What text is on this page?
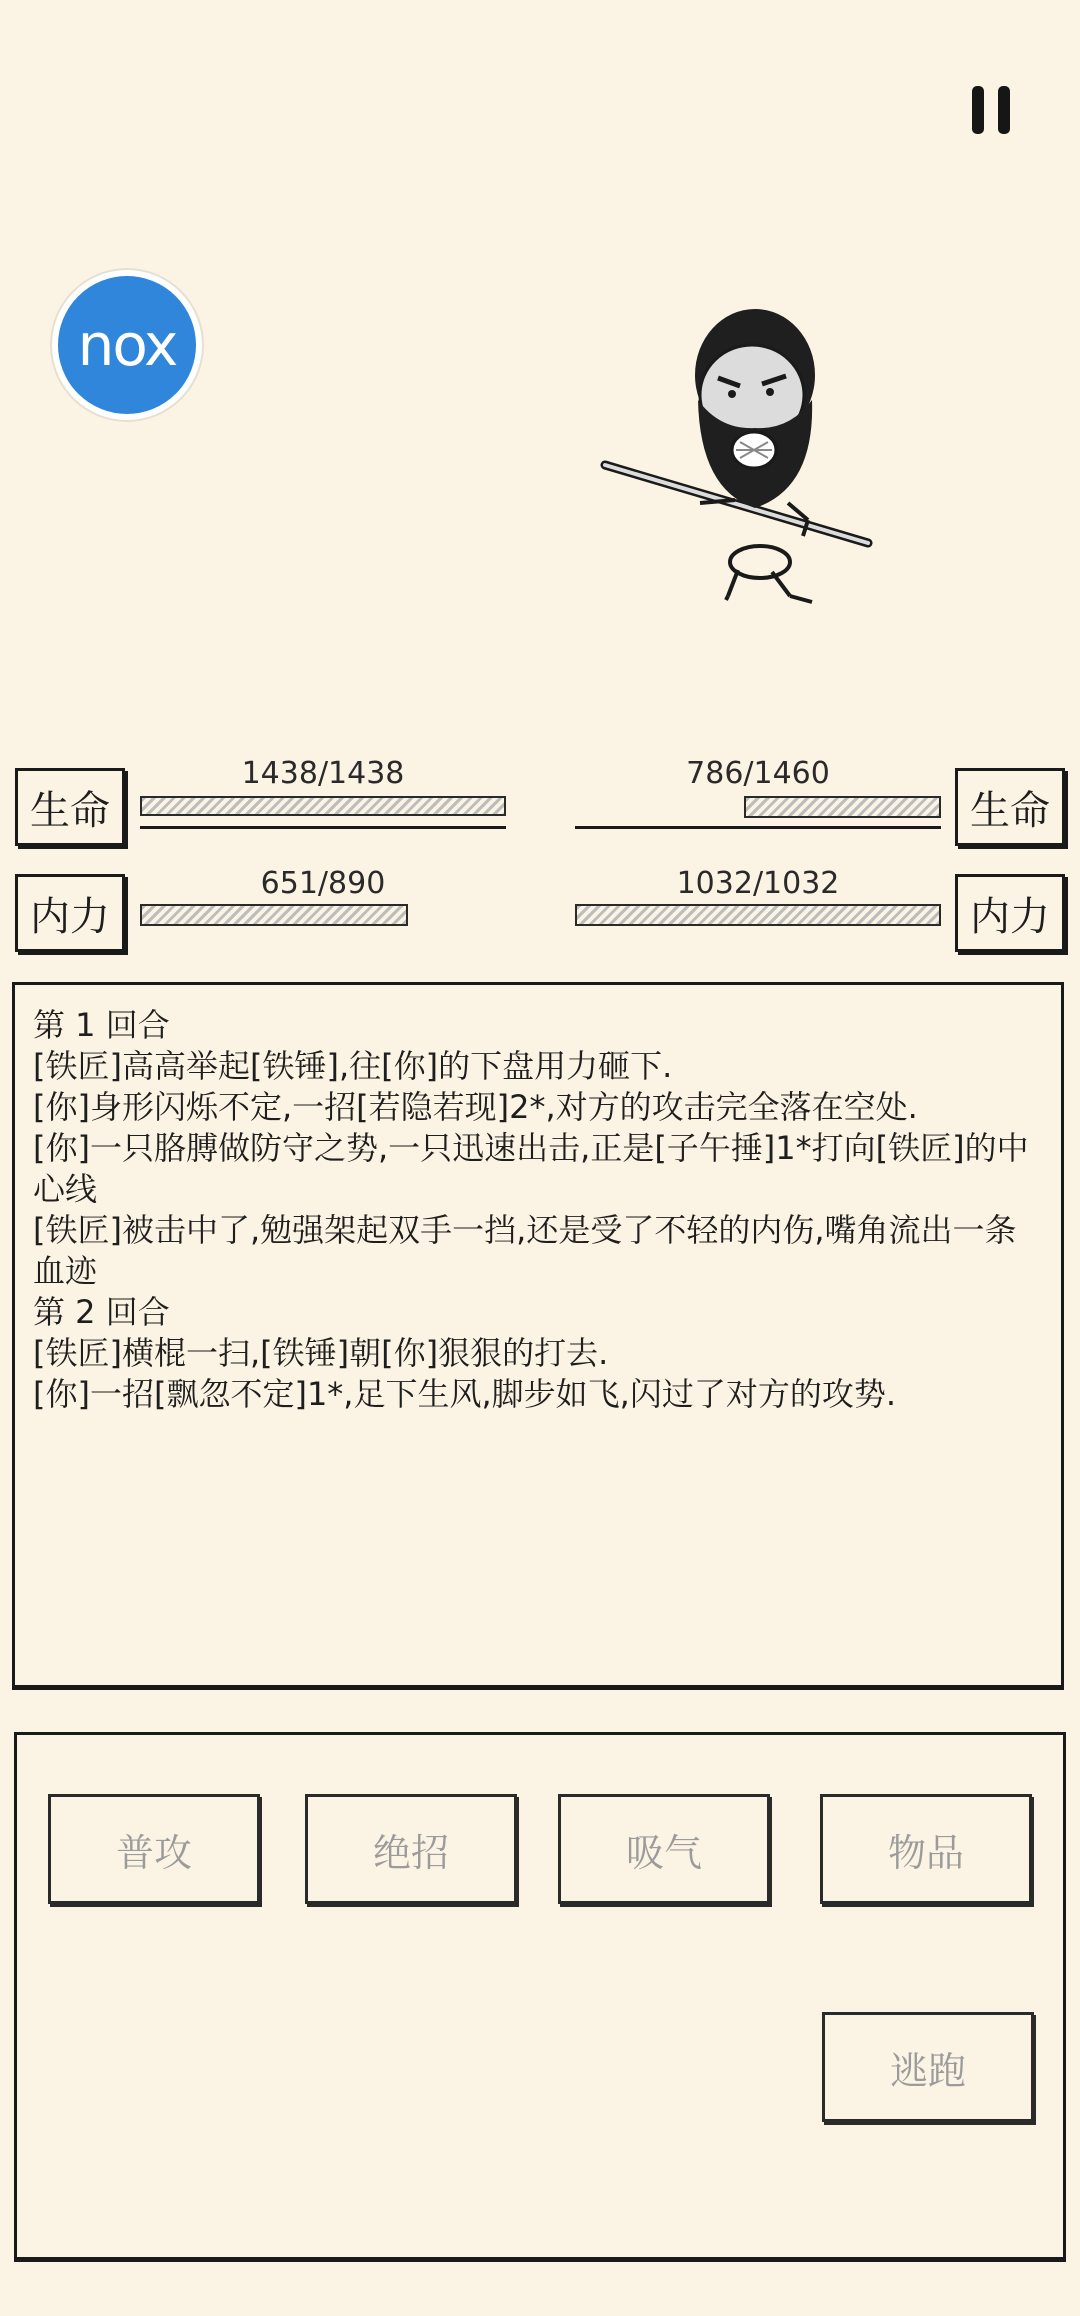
nox
生命
1438/1438
内力
651/890
生命
786/1460
内力
1032/1032

第 1 回合

[铁匠]高高举起[铁锤],往[你]的下盘用力砸下.

[你]身形闪烁不定,一招[若隐若现]2*,对方的攻击完全落在空处.

[你]一只胳膊做防守之势,一只迅速出击,正是[子午捶]1*打向[铁匠]的中心线

[铁匠]被击中了,勉强架起双手一挡,还是受了不轻的内伤,嘴角流出一条血迹

第 2 回合

[铁匠]横棍一扫,[铁锤]朝[你]狠狠的打去.

[你]一招[飘忽不定]1*,足下生风,脚步如飞,闪过了对方的攻势.

普攻	绝招	吸气	物品
逃跑
